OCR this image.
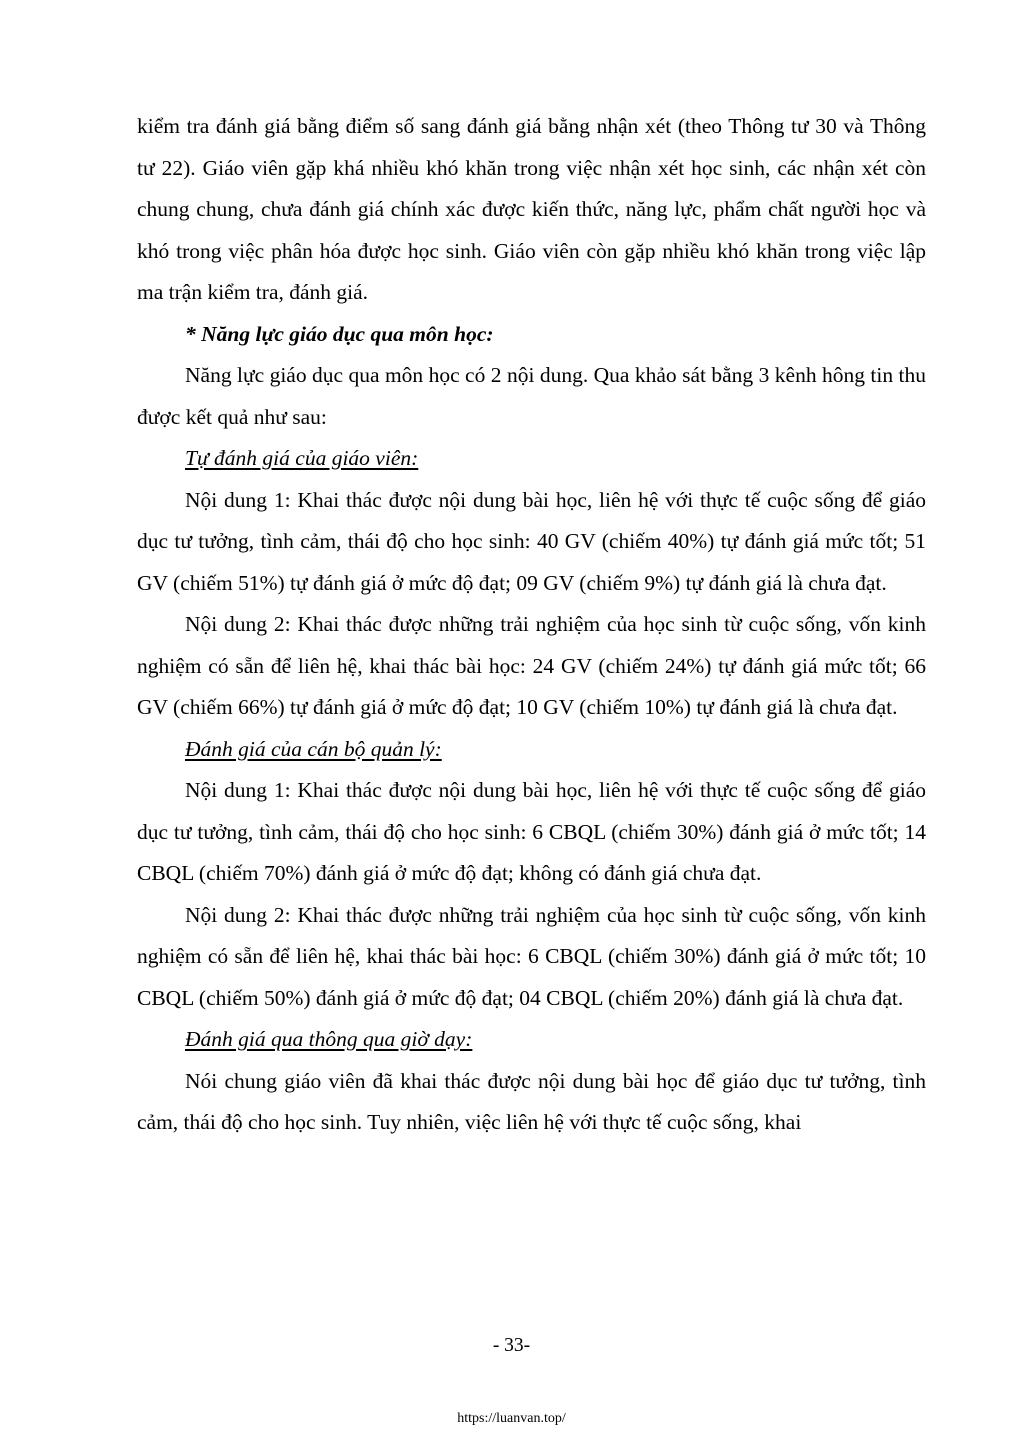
kiểm tra đánh giá bằng điểm số sang đánh giá bằng nhận xét (theo Thông tư 30 và Thông tư 22). Giáo viên gặp khá nhiều khó khăn trong việc nhận xét học sinh, các nhận xét còn chung chung, chưa đánh giá chính xác được kiến thức, năng lực, phẩm chất người học và khó trong việc phân hóa được học sinh. Giáo viên còn gặp nhiều khó khăn trong việc lập ma trận kiểm tra, đánh giá.

* Năng lực giáo dục qua môn học:

Năng lực giáo dục qua môn học có 2 nội dung. Qua khảo sát bằng 3 kênh hông tin thu được kết quả như sau:

Tự đánh giá của giáo viên:

Nội dung 1: Khai thác được nội dung bài học, liên hệ với thực tế cuộc sống để giáo dục tư tưởng, tình cảm, thái độ cho học sinh: 40 GV (chiếm 40%) tự đánh giá mức tốt; 51 GV (chiếm 51%) tự đánh giá ở mức độ đạt; 09 GV (chiếm 9%) tự đánh giá là chưa đạt.

Nội dung 2: Khai thác được những trải nghiệm của học sinh từ cuộc sống, vốn kinh nghiệm có sẵn để liên hệ, khai thác bài học: 24 GV (chiếm 24%) tự đánh giá mức tốt; 66 GV (chiếm 66%) tự đánh giá ở mức độ đạt; 10 GV (chiếm 10%) tự đánh giá là chưa đạt.

Đánh giá của cán bộ quản lý:

Nội dung 1: Khai thác được nội dung bài học, liên hệ với thực tế cuộc sống để giáo dục tư tưởng, tình cảm, thái độ cho học sinh: 6 CBQL (chiếm 30%) đánh giá ở mức tốt; 14 CBQL (chiếm 70%) đánh giá ở mức độ đạt; không có đánh giá chưa đạt.

Nội dung 2: Khai thác được những trải nghiệm của học sinh từ cuộc sống, vốn kinh nghiệm có sẵn để liên hệ, khai thác bài học: 6 CBQL (chiếm 30%) đánh giá ở mức tốt; 10 CBQL (chiếm 50%) đánh giá ở mức độ đạt; 04 CBQL (chiếm 20%) đánh giá là chưa đạt.

Đánh giá qua thông qua giờ dạy:

Nói chung giáo viên đã khai thác được nội dung bài học để giáo dục tư tưởng, tình cảm, thái độ cho học sinh. Tuy nhiên, việc liên hệ với thực tế cuộc sống, khai

- 33-
https://luanvan.top/
